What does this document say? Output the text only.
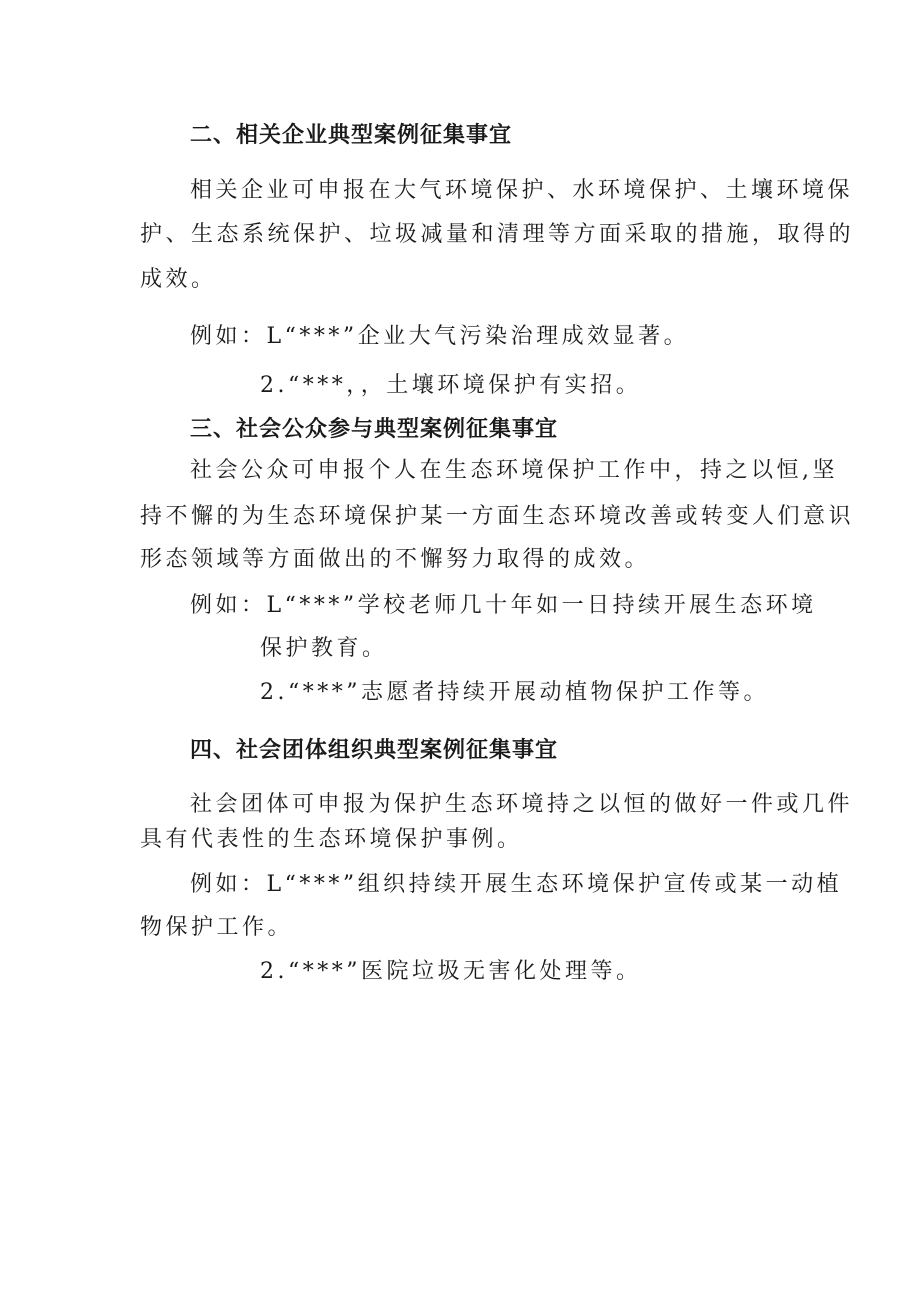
二、相关企业典型案例征集事宜
相关企业可申报在大气环境保护、水环境保护、土壤环境保
护、生态系统保护、垃圾减量和清理等方面采取的措施，取得的
成效。
例如：L“***”企业大气污染治理成效显著。
2.“***，，土壤环境保护有实招。
三、社会公众参与典型案例征集事宜
社会公众可申报个人在生态环境保护工作中，持之以恒,坚
持不懈的为生态环境保护某一方面生态环境改善或转变人们意识
形态领域等方面做出的不懈努力取得的成效。
例如：L“***”学校老师几十年如一日持续开展生态环境
保护教育。
2.“***”志愿者持续开展动植物保护工作等。
四、社会团体组织典型案例征集事宜
社会团体可申报为保护生态环境持之以恒的做好一件或几件
具有代表性的生态环境保护事例。
例如：L“***”组织持续开展生态环境保护宣传或某一动植
物保护工作。
2.“***”医院垃圾无害化处理等。
